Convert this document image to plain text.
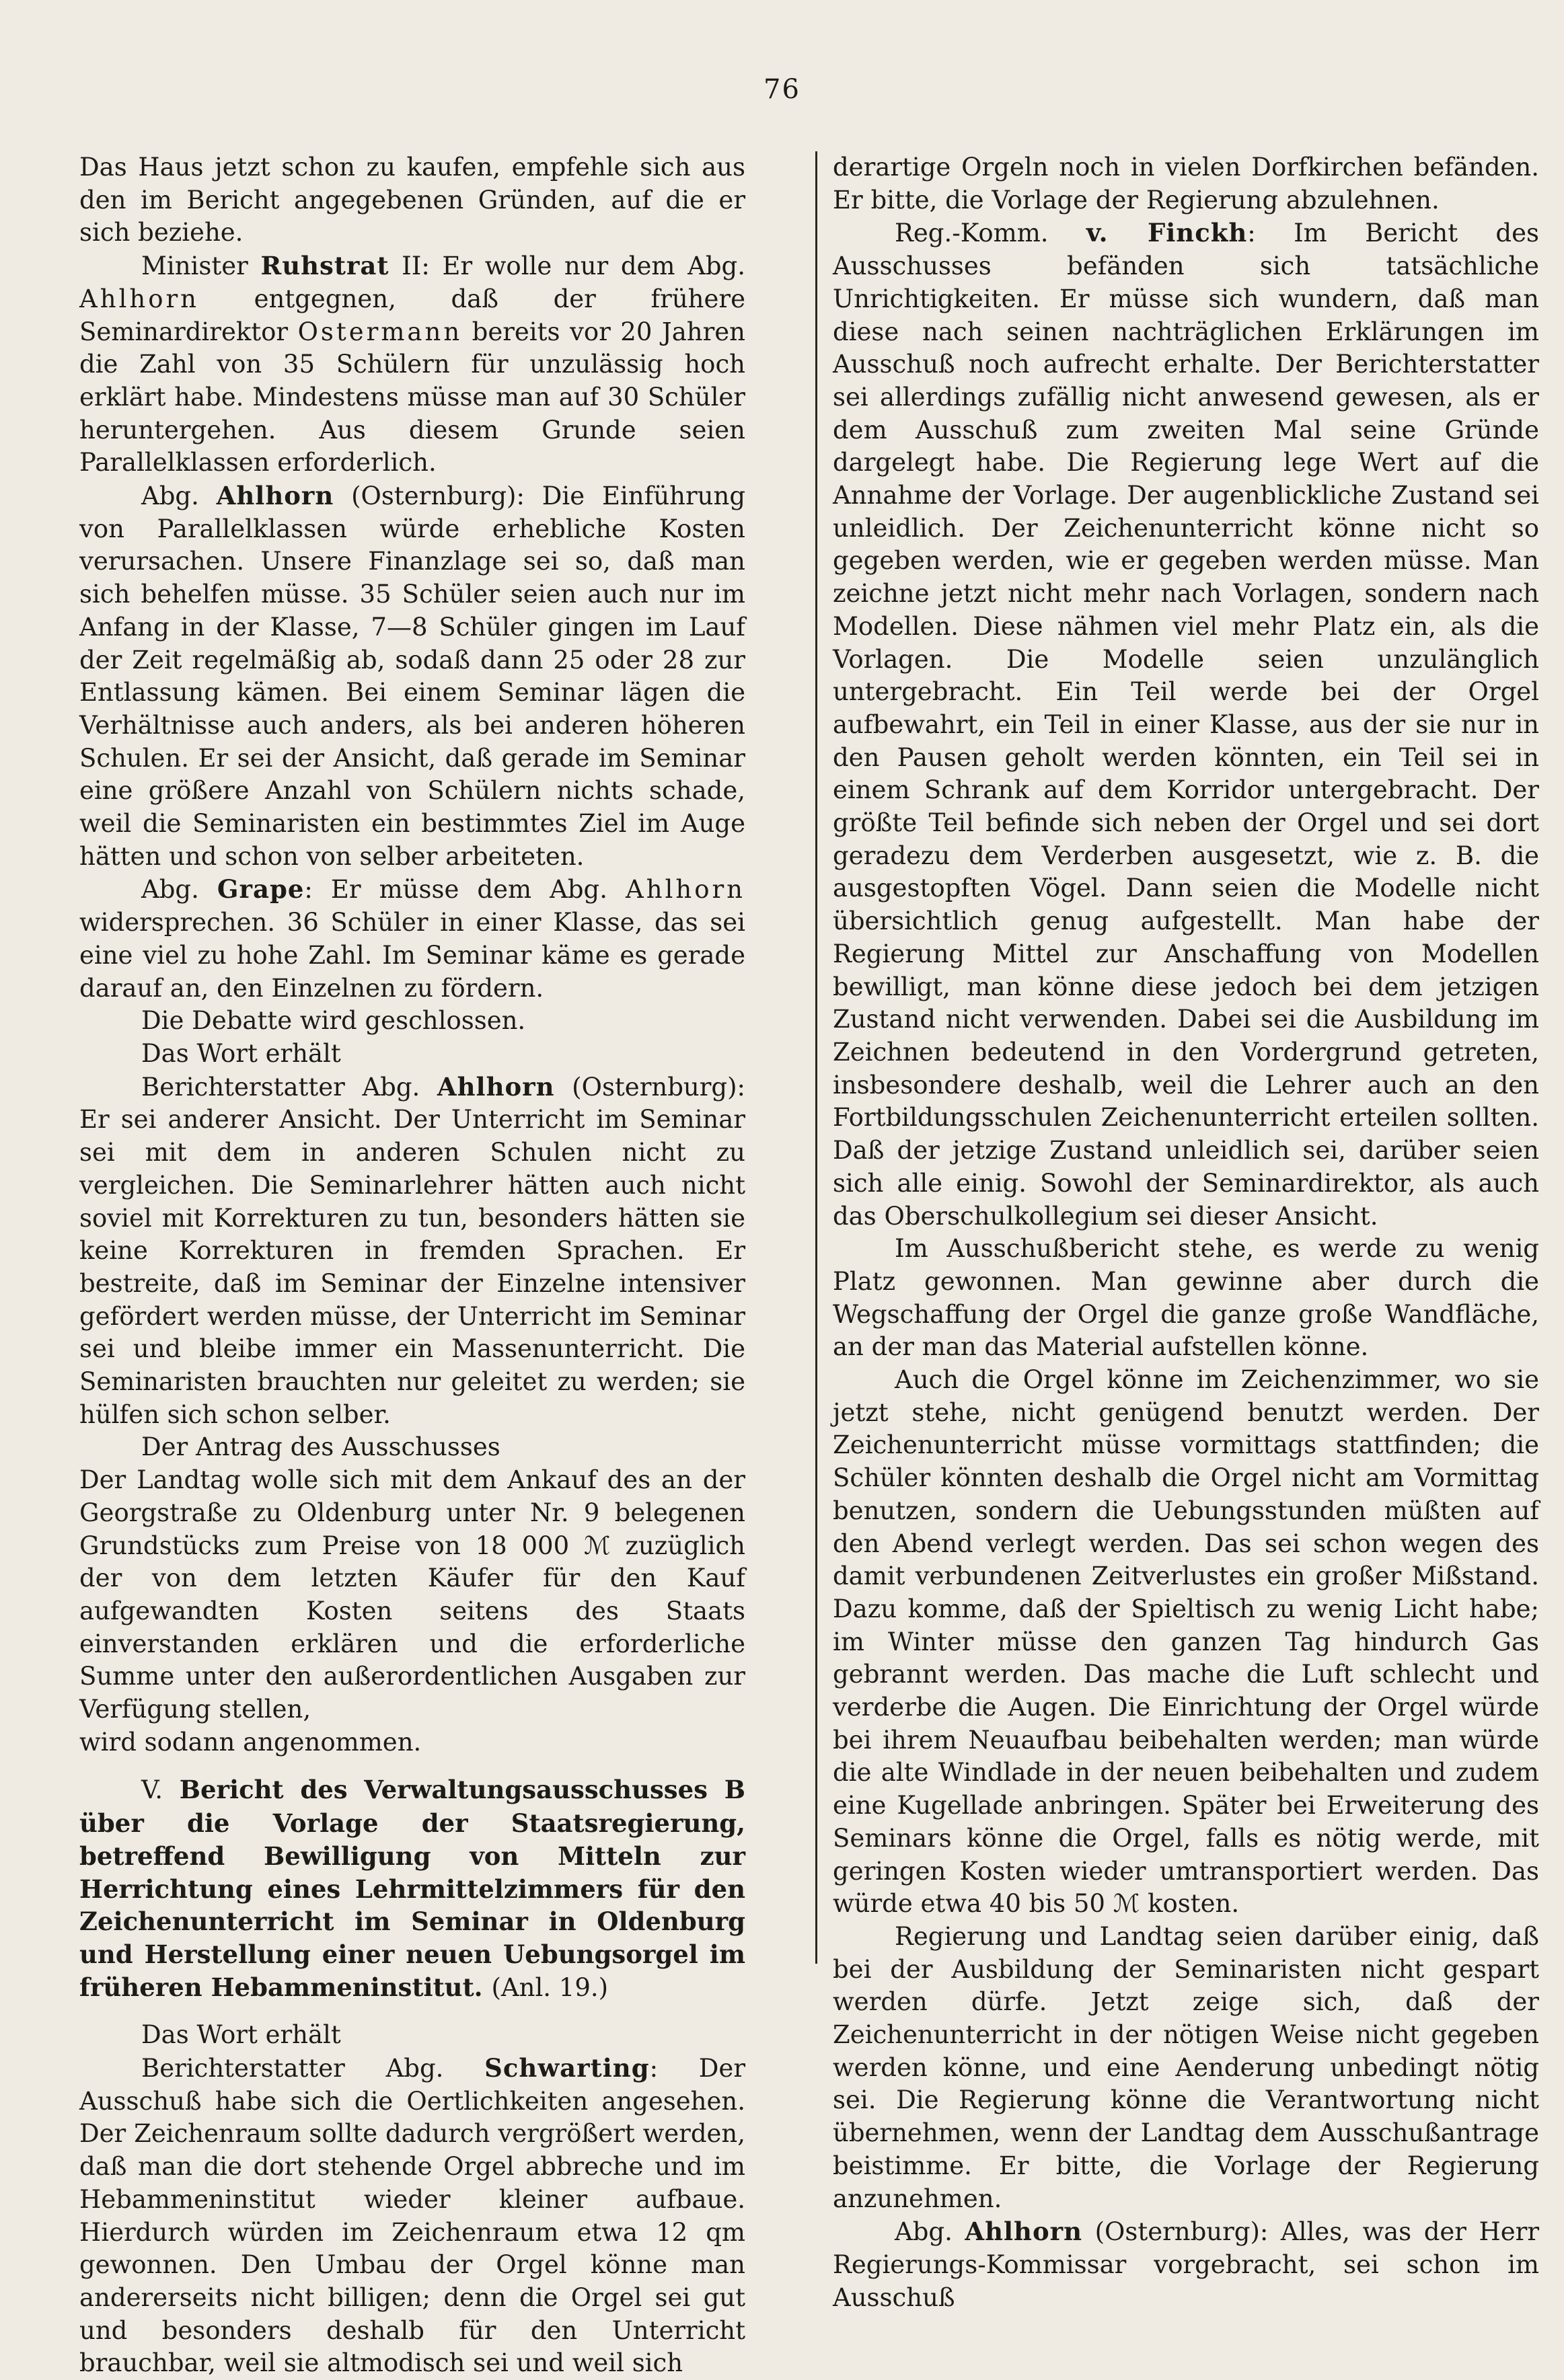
76

Das Haus jetzt schon zu kaufen, empfehle sich aus den im Bericht angegebenen Gründen, auf die er sich beziehe.

Minister Ruhstrat II: Er wolle nur dem Abg. Ahlhorn entgegnen, daß der frühere Seminardirektor Ostermann bereits vor 20 Jahren die Zahl von 35 Schülern für unzulässig hoch erklärt habe. Mindestens müsse man auf 30 Schüler heruntergehen. Aus diesem Grunde seien Parallelklassen erforderlich.

Abg. Ahlhorn (Osternburg): Die Einführung von Parallelklassen würde erhebliche Kosten verursachen. Unsere Finanzlage sei so, daß man sich behelfen müsse. 35 Schüler seien auch nur im Anfang in der Klasse, 7—8 Schüler gingen im Lauf der Zeit regelmäßig ab, sodaß dann 25 oder 28 zur Entlassung kämen. Bei einem Seminar lägen die Verhältnisse auch anders, als bei anderen höheren Schulen. Er sei der Ansicht, daß gerade im Seminar eine größere Anzahl von Schülern nichts schade, weil die Seminaristen ein bestimmtes Ziel im Auge hätten und schon von selber arbeiteten.

Abg. Grape: Er müsse dem Abg. Ahlhorn widersprechen. 36 Schüler in einer Klasse, das sei eine viel zu hohe Zahl. Im Seminar käme es gerade darauf an, den Einzelnen zu fördern.

Die Debatte wird geschlossen.

Das Wort erhält

Berichterstatter Abg. Ahlhorn (Osternburg): Er sei anderer Ansicht. Der Unterricht im Seminar sei mit dem in anderen Schulen nicht zu vergleichen. Die Seminarlehrer hätten auch nicht soviel mit Korrekturen zu tun, besonders hätten sie keine Korrekturen in fremden Sprachen. Er bestreite, daß im Seminar der Einzelne intensiver gefördert werden müsse, der Unterricht im Seminar sei und bleibe immer ein Massenunterricht. Die Seminaristen brauchten nur geleitet zu werden; sie hülfen sich schon selber.

Der Antrag des Ausschusses

Der Landtag wolle sich mit dem Ankauf des an der Georgstraße zu Oldenburg unter Nr. 9 belegenen Grundstücks zum Preise von 18 000 ℳ zuzüglich der von dem letzten Käufer für den Kauf aufgewandten Kosten seitens des Staats einverstanden erklären und die erforderliche Summe unter den außerordentlichen Ausgaben zur Verfügung stellen,

wird sodann angenommen.

V. Bericht des Verwaltungsausschusses B über die Vorlage der Staatsregierung, betreffend Bewilligung von Mitteln zur Herrichtung eines Lehrmittelzimmers für den Zeichenunterricht im Seminar in Oldenburg und Herstellung einer neuen Uebungsorgel im früheren Hebammeninstitut. (Anl. 19.)

Das Wort erhält

Berichterstatter Abg. Schwarting: Der Ausschuß habe sich die Oertlichkeiten angesehen. Der Zeichenraum sollte dadurch vergrößert werden, daß man die dort stehende Orgel abbreche und im Hebammeninstitut wieder kleiner aufbaue. Hierdurch würden im Zeichenraum etwa 12 qm gewonnen. Den Umbau der Orgel könne man andererseits nicht billigen; denn die Orgel sei gut und besonders deshalb für den Unterricht brauchbar, weil sie altmodisch sei und weil sich

derartige Orgeln noch in vielen Dorfkirchen befänden. Er bitte, die Vorlage der Regierung abzulehnen.

Reg.-Komm. v. Finckh: Im Bericht des Ausschusses befänden sich tatsächliche Unrichtigkeiten. Er müsse sich wundern, daß man diese nach seinen nachträglichen Erklärungen im Ausschuß noch aufrecht erhalte. Der Berichterstatter sei allerdings zufällig nicht anwesend gewesen, als er dem Ausschuß zum zweiten Mal seine Gründe dargelegt habe. Die Regierung lege Wert auf die Annahme der Vorlage. Der augenblickliche Zustand sei unleidlich. Der Zeichenunterricht könne nicht so gegeben werden, wie er gegeben werden müsse. Man zeichne jetzt nicht mehr nach Vorlagen, sondern nach Modellen. Diese nähmen viel mehr Platz ein, als die Vorlagen. Die Modelle seien unzulänglich untergebracht. Ein Teil werde bei der Orgel aufbewahrt, ein Teil in einer Klasse, aus der sie nur in den Pausen geholt werden könnten, ein Teil sei in einem Schrank auf dem Korridor untergebracht. Der größte Teil befinde sich neben der Orgel und sei dort geradezu dem Verderben ausgesetzt, wie z. B. die ausgestopften Vögel. Dann seien die Modelle nicht übersichtlich genug aufgestellt. Man habe der Regierung Mittel zur Anschaffung von Modellen bewilligt, man könne diese jedoch bei dem jetzigen Zustand nicht verwenden. Dabei sei die Ausbildung im Zeichnen bedeutend in den Vordergrund getreten, insbesondere deshalb, weil die Lehrer auch an den Fortbildungsschulen Zeichenunterricht erteilen sollten. Daß der jetzige Zustand unleidlich sei, darüber seien sich alle einig. Sowohl der Seminardirektor, als auch das Oberschulkollegium sei dieser Ansicht.

Im Ausschußbericht stehe, es werde zu wenig Platz gewonnen. Man gewinne aber durch die Wegschaffung der Orgel die ganze große Wandfläche, an der man das Material aufstellen könne.

Auch die Orgel könne im Zeichenzimmer, wo sie jetzt stehe, nicht genügend benutzt werden. Der Zeichenunterricht müsse vormittags stattfinden; die Schüler könnten deshalb die Orgel nicht am Vormittag benutzen, sondern die Uebungsstunden müßten auf den Abend verlegt werden. Das sei schon wegen des damit verbundenen Zeitverlustes ein großer Mißstand. Dazu komme, daß der Spieltisch zu wenig Licht habe; im Winter müsse den ganzen Tag hindurch Gas gebrannt werden. Das mache die Luft schlecht und verderbe die Augen. Die Einrichtung der Orgel würde bei ihrem Neuaufbau beibehalten werden; man würde die alte Windlade in der neuen beibehalten und zudem eine Kugellade anbringen. Später bei Erweiterung des Seminars könne die Orgel, falls es nötig werde, mit geringen Kosten wieder umtransportiert werden. Das würde etwa 40 bis 50 ℳ kosten.

Regierung und Landtag seien darüber einig, daß bei der Ausbildung der Seminaristen nicht gespart werden dürfe. Jetzt zeige sich, daß der Zeichenunterricht in der nötigen Weise nicht gegeben werden könne, und eine Aenderung unbedingt nötig sei. Die Regierung könne die Verantwortung nicht übernehmen, wenn der Landtag dem Ausschußantrage beistimme. Er bitte, die Vorlage der Regierung anzunehmen.

Abg. Ahlhorn (Osternburg): Alles, was der Herr Regierungs-Kommissar vorgebracht, sei schon im Ausschuß
